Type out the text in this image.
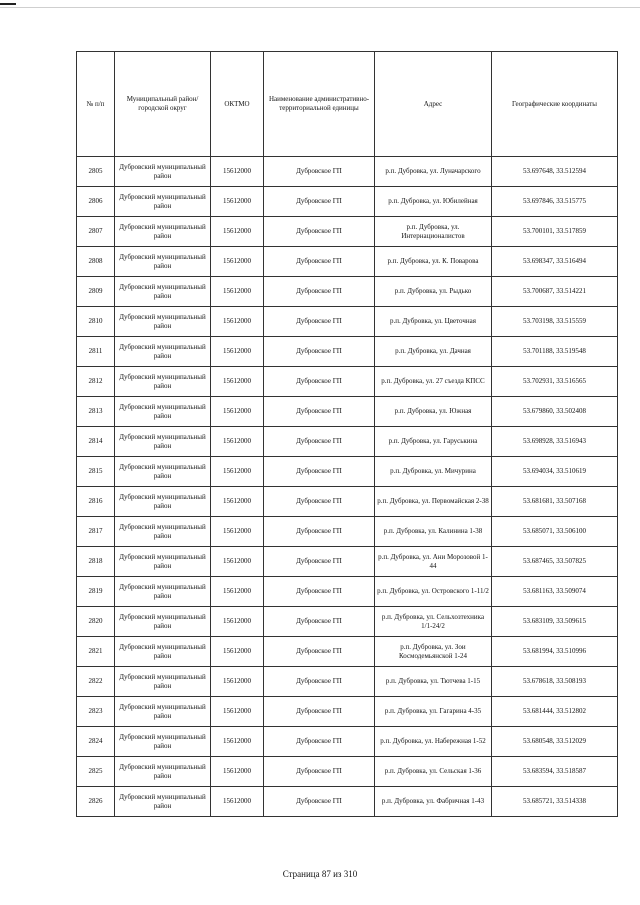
№ п/п	Муниципальный район/городской округ	ОКТМО	Наименование административно-территориальной единицы	Адрес	Географические координаты
2805	Дубровский муниципальный район	15612000	Дубровское ГП	р.п. Дубровка, ул. Луначарского	53.697648, 33.512594
2806	Дубровский муниципальный район	15612000	Дубровское ГП	р.п. Дубровка, ул. Юбилейная	53.697846, 33.515775
2807	Дубровский муниципальный район	15612000	Дубровское ГП	р.п. Дубровка, ул. Интернационалистов	53.700101, 33.517859
2808	Дубровский муниципальный район	15612000	Дубровское ГП	р.п. Дубровка, ул. К. Поварова	53.698347, 33.516494
2809	Дубровский муниципальный район	15612000	Дубровское ГП	р.п. Дубровка, ул. Рыдько	53.700687, 33.514221
2810	Дубровский муниципальный район	15612000	Дубровское ГП	р.п. Дубровка, ул. Цветочная	53.703198, 33.515559
2811	Дубровский муниципальный район	15612000	Дубровское ГП	р.п. Дубровка, ул. Дачная	53.701188, 33.519548
2812	Дубровский муниципальный район	15612000	Дубровское ГП	р.п. Дубровка, ул. 27 съезда КПСС	53.702931, 33.516565
2813	Дубровский муниципальный район	15612000	Дубровское ГП	р.п. Дубровка, ул. Южная	53.679860, 33.502408
2814	Дубровский муниципальный район	15612000	Дубровское ГП	р.п. Дубровка, ул. Гаруськина	53.698928, 33.516943
2815	Дубровский муниципальный район	15612000	Дубровское ГП	р.п. Дубровка, ул. Мичурина	53.694034, 33.510619
2816	Дубровский муниципальный район	15612000	Дубровское ГП	р.п. Дубровка, ул. Первомайская 2-38	53.681681, 33.507168
2817	Дубровский муниципальный район	15612000	Дубровское ГП	р.п. Дубровка, ул. Калинина 1-38	53.685071, 33.506100
2818	Дубровский муниципальный район	15612000	Дубровское ГП	р.п. Дубровка, ул. Ани Морозовой 1-44	53.687465, 33.507825
2819	Дубровский муниципальный район	15612000	Дубровское ГП	р.п. Дубровка, ул. Островского 1-11/2	53.681163, 33.509074
2820	Дубровский муниципальный район	15612000	Дубровское ГП	р.п. Дубровка, ул. Сельхозтехника 1/1-24/2	53.683109, 33.509615
2821	Дубровский муниципальный район	15612000	Дубровское ГП	р.п. Дубровка, ул. Зои Космодемьянской 1-24	53.681994, 33.510996
2822	Дубровский муниципальный район	15612000	Дубровское ГП	р.п. Дубровка, ул. Тютчева 1-15	53.678618, 33.508193
2823	Дубровский муниципальный район	15612000	Дубровское ГП	р.п. Дубровка, ул. Гагарина 4-35	53.681444, 33.512802
2824	Дубровский муниципальный район	15612000	Дубровское ГП	р.п. Дубровка, ул. Набережная 1-52	53.680548, 33.512029
2825	Дубровский муниципальный район	15612000	Дубровское ГП	р.п. Дубровка, ул. Сельская 1-36	53.683594, 33.518587
2826	Дубровский муниципальный район	15612000	Дубровское ГП	р.п. Дубровка, ул. Фабричная 1-43	53.685721, 33.514338
Страница 87 из 310
